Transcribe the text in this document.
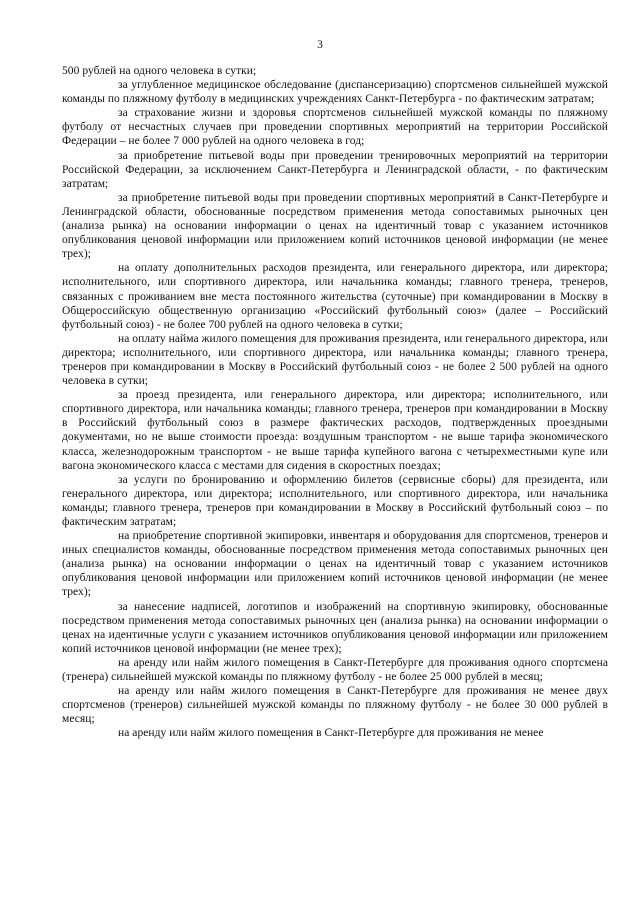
3

500 рублей на одного человека в сутки;

за углубленное медицинское обследование (диспансеризацию) спортсменов сильнейшей мужской команды по пляжному футболу в медицинских учреждениях Санкт-Петербурга - по фактическим затратам;

за страхование жизни и здоровья спортсменов сильнейшей мужской команды по пляжному футболу от несчастных случаев при проведении спортивных мероприятий на территории Российской Федерации – не более 7 000 рублей на одного человека в год;

за приобретение питьевой воды при проведении тренировочных мероприятий на территории Российской Федерации, за исключением Санкт-Петербурга и Ленинградской области, - по фактическим затратам;

за приобретение питьевой воды при проведении спортивных мероприятий в Санкт-Петербурге и Ленинградской области, обоснованные посредством применения метода сопоставимых рыночных цен (анализа рынка) на основании информации о ценах на идентичный товар с указанием источников опубликования ценовой информации или приложением копий источников ценовой информации (не менее трех);

на оплату дополнительных расходов президента, или генерального директора, или директора; исполнительного, или спортивного директора, или начальника команды; главного тренера, тренеров, связанных с проживанием вне места постоянного жительства (суточные) при командировании в Москву в Общероссийскую общественную организацию «Российский футбольный союз» (далее – Российский футбольный союз) - не более 700 рублей на одного человека в сутки;

на оплату найма жилого помещения для проживания президента, или генерального директора, или директора; исполнительного, или спортивного директора, или начальника команды; главного тренера, тренеров при командировании в Москву в Российский футбольный союз - не более 2 500 рублей на одного человека в сутки;

за проезд президента, или генерального директора, или директора; исполнительного, или спортивного директора, или начальника команды; главного тренера, тренеров при командировании в Москву в Российский футбольный союз в размере фактических расходов, подтвержденных проездными документами, но не выше стоимости проезда: воздушным транспортом - не выше тарифа экономического класса, железнодорожным транспортом - не выше тарифа купейного вагона с четырехместными купе или вагона экономического класса с местами для сидения в скоростных поездах;

за услуги по бронированию и оформлению билетов (сервисные сборы) для президента, или генерального директора, или директора; исполнительного, или спортивного директора, или начальника команды; главного тренера, тренеров при командировании в Москву в Российский футбольный союз – по фактическим затратам;

на приобретение спортивной экипировки, инвентаря и оборудования для спортсменов, тренеров и иных специалистов команды, обоснованные посредством применения метода сопоставимых рыночных цен (анализа рынка) на основании информации о ценах на идентичный товар с указанием источников опубликования ценовой информации или приложением копий источников ценовой информации (не менее трех);

за нанесение надписей, логотипов и изображений на спортивную экипировку, обоснованные посредством применения метода сопоставимых рыночных цен (анализа рынка) на основании информации о ценах на идентичные услуги с указанием источников опубликования ценовой информации или приложением копий источников ценовой информации (не менее трех);

на аренду или найм жилого помещения в Санкт-Петербурге для проживания одного спортсмена (тренера) сильнейшей мужской команды по пляжному футболу - не более 25 000 рублей в месяц;

на аренду или найм жилого помещения в Санкт-Петербурге для проживания не менее двух спортсменов (тренеров) сильнейшей мужской команды по пляжному футболу - не более 30 000 рублей в месяц;

на аренду или найм жилого помещения в Санкт-Петербурге для проживания не менее
